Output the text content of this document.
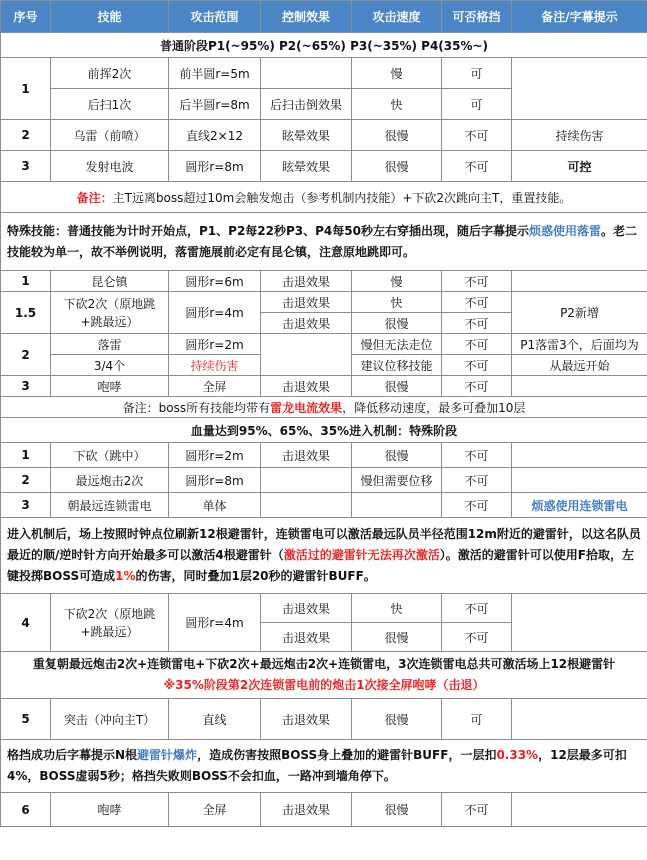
序号	技能	攻击范围	控制效果	攻击速度	可否格挡	备注/字幕提示
普通阶段P1(~95%) P2(~65%) P3(~35%) P4(35%~)						
1	前挥2次	前半圆r=5m		慢	可	
	后扫1次	后半圆r=8m	后扫击倒效果	快	可	
2	乌雷（前喷）	直线2×12	眩晕效果	很慢	不可	持续伤害
3	发射电波	圆形r=8m	眩晕效果	很慢	不可	可控
备注：主T远离boss超过10m会触发炮击（参考机制内技能）+下砍2次跳向主T，重置技能。						
特殊技能：普通技能为计时开始点，P1、P2每22秒P3、P4每50秒左右穿插出现，随后字幕提示烦惑使用落雷。老二技能较为单一，故不举例说明，落雷施展前必定有昆仑镇，注意原地跳即可。						
1	昆仑镇	圆形r=6m	击退效果	慢	不可	
1.5	下砍2次（原地跳+跳最远）	圆形r=4m	击退效果	快	不可	P2新增
			击退效果	很慢	不可	
2	落雷	圆形r=2m		慢但无法走位	不可	P1落雷3个，后面均为
	3/4个	持续伤害		建议位移技能	不可	从最远开始
3	咆哮	全屏	击退效果	很慢	不可	
备注：boss所有技能均带有雷龙电流效果，降低移动速度，最多可叠加10层						
血量达到95%、65%、35%进入机制：特殊阶段						
1	下砍（跳中）	圆形r=2m	击退效果	很慢	不可	
2	最远炮击2次	圆形r=8m		慢但需要位移	不可	
3	朝最远连锁雷电	单体			不可	烦惑使用连锁雷电
进入机制后，场上按照时钟点位刷新12根避雷针，连锁雷电可以激活最远队员半径范围12m附近的避雷针，以这名队员最近的顺/逆时针方向开始最多可以激活4根避雷针（激活过的避雷针无法再次激活）。激活的避雷针可以使用F拾取，左键投掷BOSS可造成1%的伤害，同时叠加1层20秒的避雷针BUFF。						
4	下砍2次（原地跳+跳最远）	圆形r=4m	击退效果	快	不可	
			击退效果	很慢	不可	

重复朝最远炮击2次+连锁雷电+下砍2次+最远炮击2次+连锁雷电，3次连锁雷电总共可激活场上12根避雷针
※35%阶段第2次连锁雷电前的炮击1次接全屏咆哮（击退）						

5	突击（冲向主T）	直线	击退效果	很慢	可	
格挡成功后字幕提示N根避雷针爆炸，造成伤害按照BOSS身上叠加的避雷针BUFF，一层扣0.33%，12层最多可扣4%，BOSS虚弱5秒；格挡失败则BOSS不会扣血，一路冲到墙角停下。						
6	咆哮	全屏	击退效果	很慢	不可	
